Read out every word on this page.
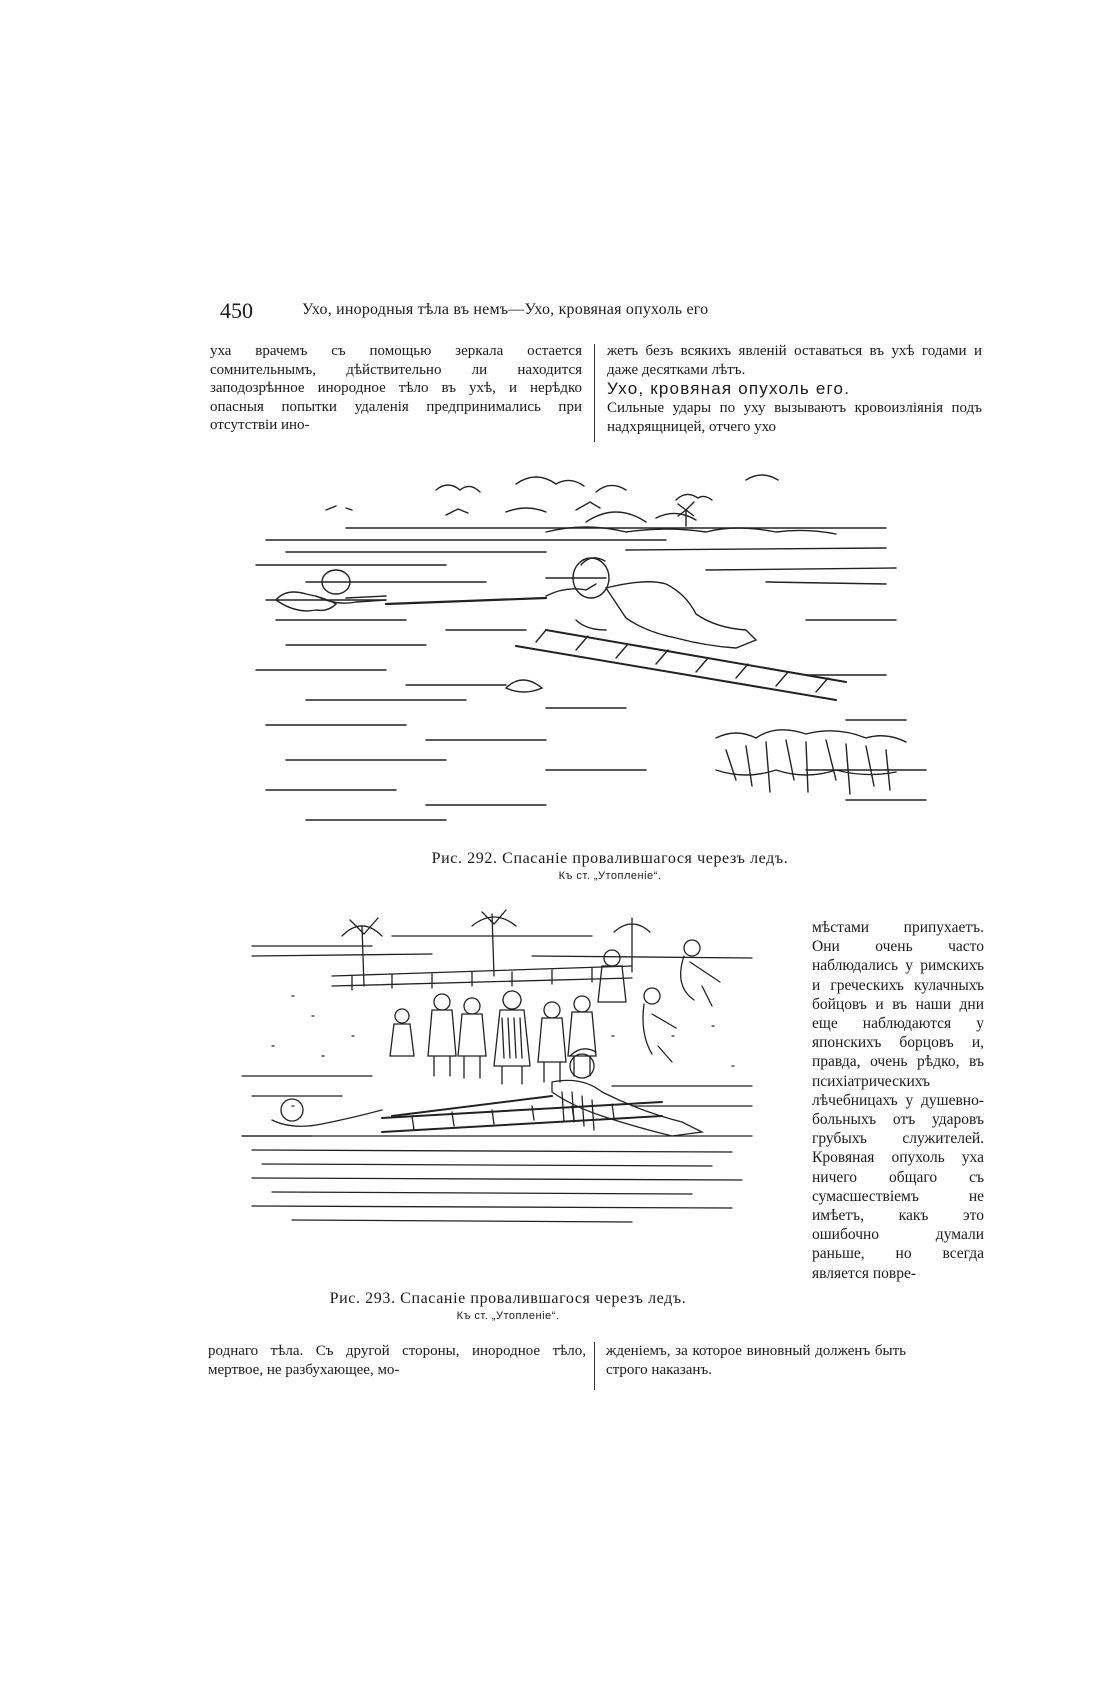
450	Ухо, инородныя тѣла въ немъ—Ухо, кровяная опухоль его

уха врачемъ съ помощью зеркала остается сомнительнымъ, дѣйствительно ли находится заподозрѣнное инородное тѣло въ ухѣ, и нерѣдко опасныя попытки удаленія предпринимались при отсутствіи ино-

жетъ безъ всякихъ явленій оставаться въ ухѣ годами и даже десятками лѣтъ.

Ухо, кровяная опухоль его.

Сильные удары по уху вызываютъ кровоизліянія подъ надхрящницей, отчего ухо

Рис. 292. Спасаніе провалившагося черезъ ледъ.
Къ ст. „Утопленіе“.
Рис. 293. Спасаніе провалившагося черезъ ледъ.
Къ ст. „Утопленіе“.

мѣстами припухаетъ. Они очень часто наблюдались у римскихъ и греческихъ кулачныхъ бойцовъ и въ наши дни еще наблюдаются у японскихъ борцовъ и, правда, очень рѣдко, въ психіатрическихъ лѣчебницахъ у душевно-больныхъ отъ ударовъ грубыхъ служителей. Кровяная опухоль уха ничего общаго съ сумасшествіемъ не имѣетъ, какъ это ошибочно думали раньше, но всегда является повре-

роднаго тѣла. Съ другой стороны, инородное тѣло, мертвое, не разбухающее, мо-

жденіемъ, за которое виновный долженъ быть строго наказанъ.
